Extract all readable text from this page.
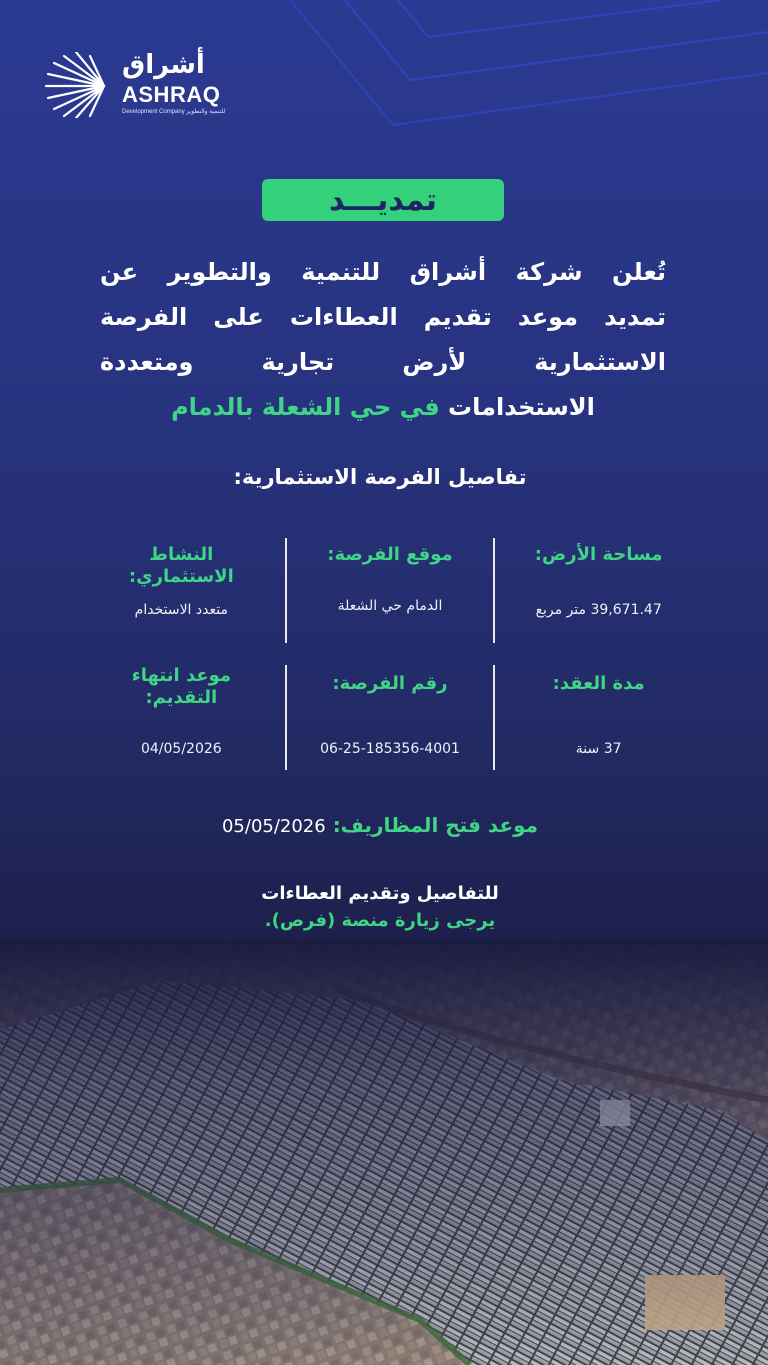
أشراق
ASHRAQ
Development Company للتنمية والتطوير
تمديـــد
تُعلن شركة أشراق للتنمية والتطوير عن
تمديد موعد تقديم العطاءات على الفرصة
الاستثمارية لأرض تجارية ومتعددة
الاستخدامات في حي الشعلة بالدمام
تفاصيل الفرصة الاستثمارية:
مساحة الأرض:
39,671.47 متر مربع
موقع الفرصة:
الدمام حي الشعلة
النشاط الاستثماري:
متعدد الاستخدام
مدة العقد:
37 سنة
رقم الفرصة:
06-25-185356-4001
موعد انتهاء التقديم:
04/05/2026
موعد فتح المظاريف: 05/05/2026
للتفاصيل وتقديم العطاءات
يرجى زيارة منصة (فرص).
